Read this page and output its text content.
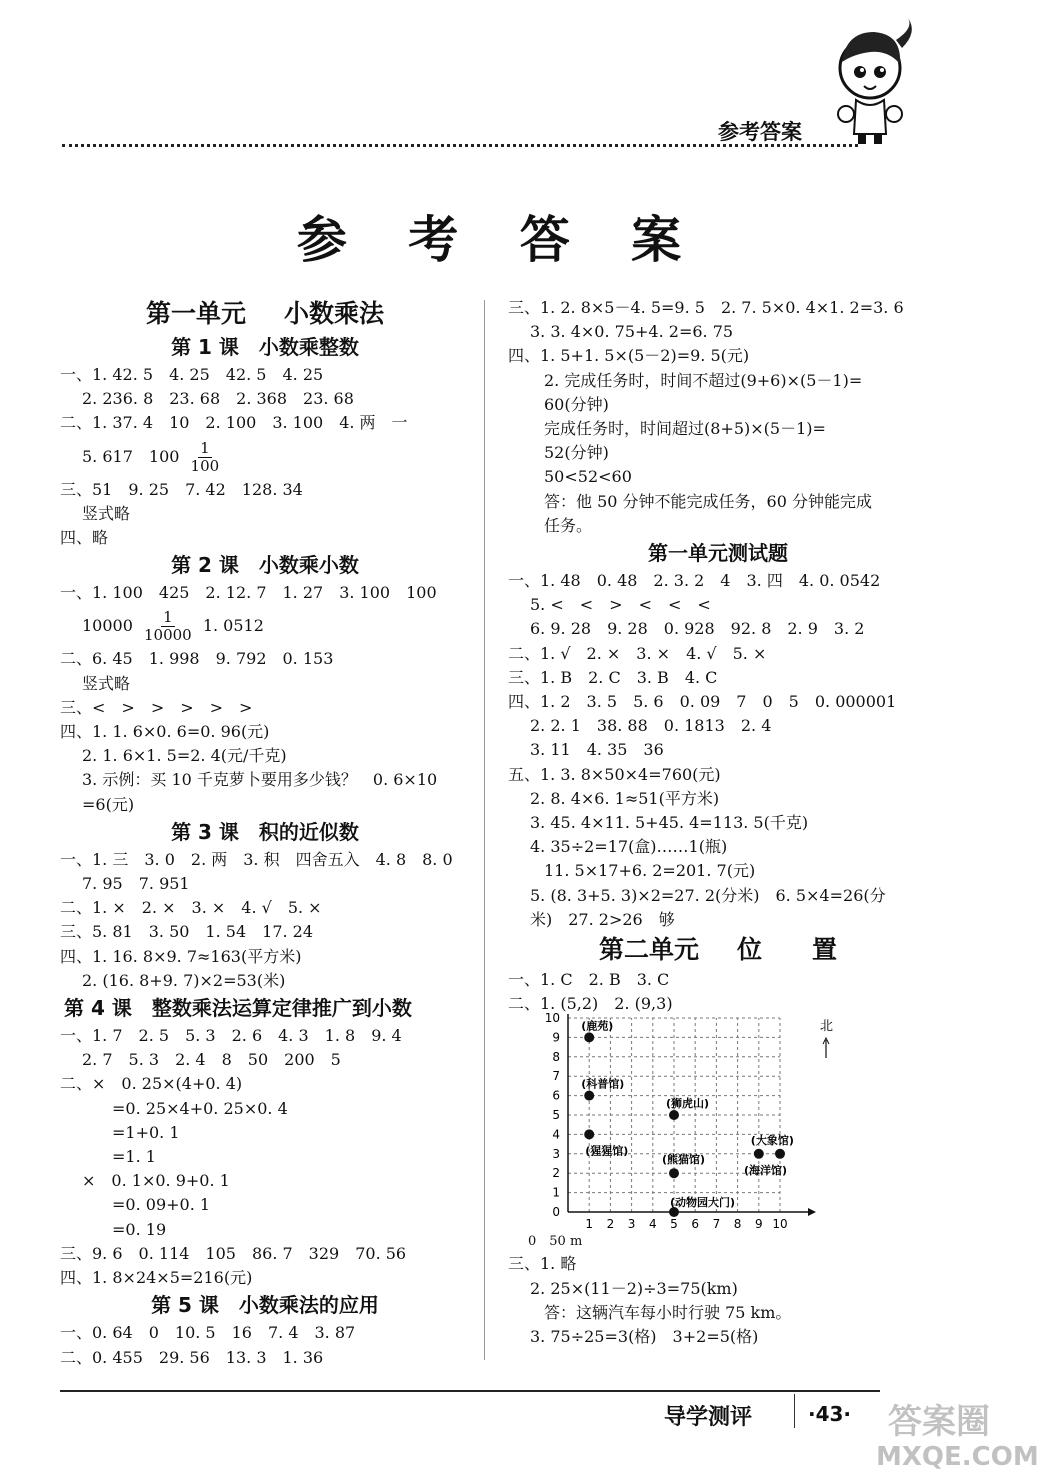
参考答案
参 考 答 案
第一单元 小数乘法
第 1 课　小数乘整数
一、1. 42. 5　4. 25　42. 5　4. 25
2. 236. 8　23. 68　2. 368　23. 68
二、1. 37. 4　10　2. 100　3. 100　4. 两　一
5. 617　$100 \frac{1}{100}$
三、51　9. 25　7. 42　128. 34
竖式略
四、略
第 2 课　小数乘小数
一、1. 100　425　2. 12. 7　1. 27　3. 100　100
$10000 \frac{1}{10000} 1$. 0512
二、6. 45　1. 998　9. 792　0. 153
竖式略
三、<　>　>　>　>　>
四、1. 1. 6×0. 6=0. 96(元)
2. 1. 6×1. 5=2. 4(元/千克)
3. 示例：买 10 千克萝卜要用多少钱？　0. 6×10
=6(元)
第 3 课　积的近似数
一、1. 三　3. 0　2. 两　3. 积　四舍五入　4. 8　8. 0
7. 95　7. 951
二、1. ×　2. ×　3. ×　4. √　5. ×
三、5. 81　3. 50　1. 54　17. 24
四、1. 16. 8×9. 7≈163(平方米)
2. (16. 8+9. 7)×2=53(米)
第 4 课　整数乘法运算定律推广到小数
一、1. 7　2. 5　5. 3　2. 6　4. 3　1. 8　9. 4
2. 7　5. 3　2. 4　8　50　200　5
二、×　0. 25×(4+0. 4)
=0. 25×4+0. 25×0. 4
=1+0. 1
=1. 1
×　0. 1×0. 9+0. 1
=0. 09+0. 1
=0. 19
三、9. 6　0. 114　105　86. 7　329　70. 56
四、1. 8×24×5=216(元)
第 5 课　小数乘法的应用
一、0. 64　0　10. 5　16　7. 4　3. 87
二、0. 455　29. 56　13. 3　1. 36
三、1. 2. 8×5－4. 5=9. 5　2. 7. 5×0. 4×1. 2=3. 6
3. 3. 4×0. 75+4. 2=6. 75
四、1. 5+1. 5×(5－2)=9. 5(元)
2. 完成任务时，时间不超过(9+6)×(5－1)=
60(分钟)
完成任务时，时间超过(8+5)×(5－1)=
52(分钟)
50<52<60
答：他 50 分钟不能完成任务，60 分钟能完成
任务。
第一单元测试题
一、1. 48　0. 48　2. 3. 2　4　3. 四　4. 0. 0542
5. <　<　>　<　<　<
6. 9. 28　9. 28　0. 928　92. 8　2. 9　3. 2
二、1. √　2. ×　3. ×　4. √　5. ×
三、1. B　2. C　3. B　4. C
四、1. 2　3. 5　5. 6　0. 09　7　0　5　0. 000001
2. 2. 1　38. 88　0. 1813　2. 4
3. 11　4. 35　36
五、1. 3. 8×50×4=760(元)
2. 8. 4×6. 1≈51(平方米)
3. 45. 4×11. 5+45. 4=113. 5(千克)
4. 35÷2=17(盒)……1(瓶)
11. 5×17+6. 2=201. 7(元)
5. (8. 3+5. 3)×2=27. 2(分米)　6. 5×4=26(分
米)　27. 2>26　够
第二单元 位　　置
一、1. C　2. B　3. C
二、1. (5,2)　2. (9,3)
1 2 3 4 5 6 7 8 9 10
0
1
2
3
4
5
6
7
8
9
10
北
(鹿苑)
(科普馆)
(狮虎山)
(猩猩馆)
(熊猫馆)
(大象馆)
(海洋馆)
(动物园大门)
0　50 m
三、1. 略
2. 25×(11－2)÷3=75(km)
答：这辆汽车每小时行驶 75 km。
3. 75÷25=3(格)　3+2=5(格)
导学测评	·43· 答案圈
MXQE.COM
